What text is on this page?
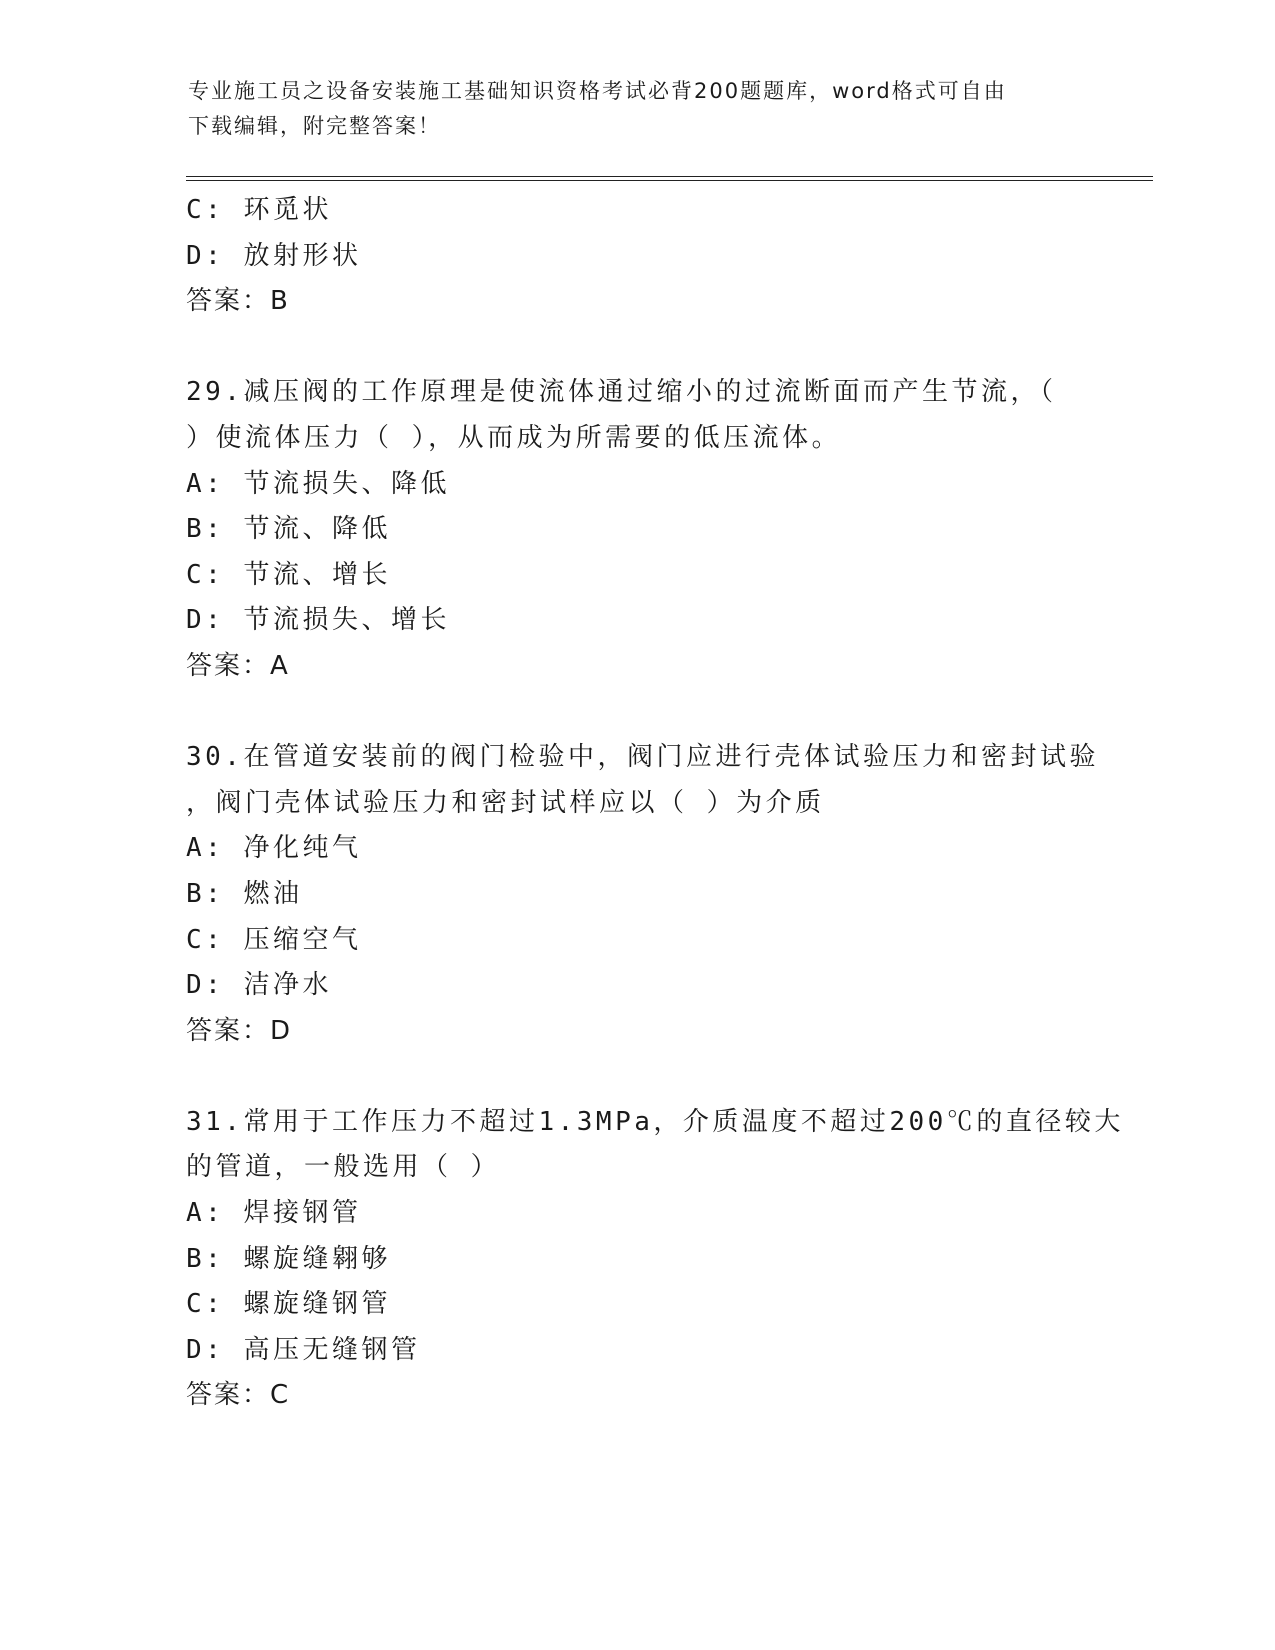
专业施工员之设备安装施工基础知识资格考试必背200题题库，word格式可自由
下载编辑，附完整答案！
C: 环觅状
D: 放射形状
答案：B
29.减压阀的工作原理是使流体通过缩小的过流断面而产生节流，（
）使流体压力（ ），从而成为所需要的低压流体。
A: 节流损失、降低
B: 节流、降低
C: 节流、增长
D: 节流损失、增长
答案：A
30.在管道安装前的阀门检验中，阀门应进行壳体试验压力和密封试验
，阀门壳体试验压力和密封试样应以（ ）为介质
A: 净化纯气
B: 燃油
C: 压缩空气
D: 洁净水
答案：D
31.常用于工作压力不超过1.3MPa，介质温度不超过200℃的直径较大
的管道，一般选用（ ）
A: 焊接钢管
B: 螺旋缝翱够
C: 螺旋缝钢管
D: 高压无缝钢管
答案：C
